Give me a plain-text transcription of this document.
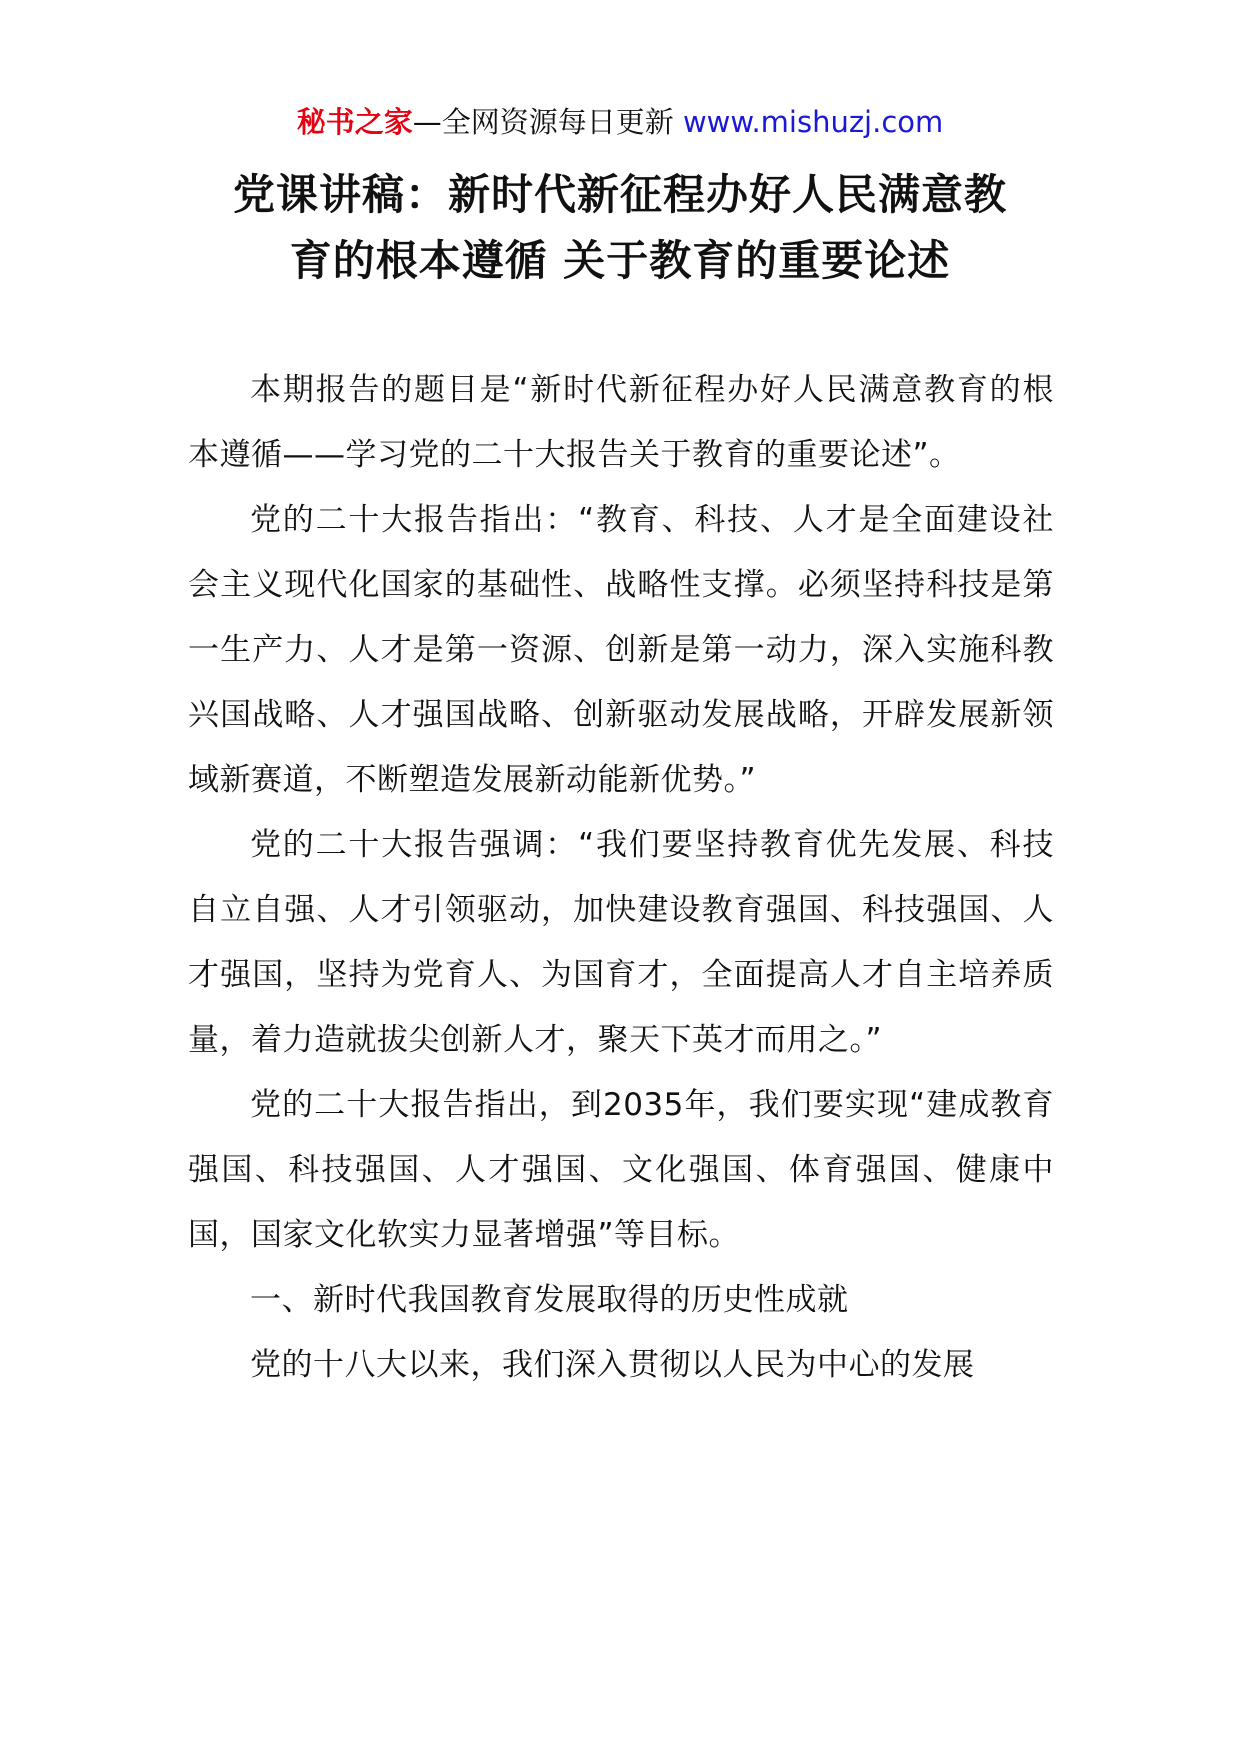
秘书之家—全网资源每日更新 www.mishuzj.com
党课讲稿：新时代新征程办好人民满意教
育的根本遵循 关于教育的重要论述

本期报告的题目是“新时代新征程办好人民满意教育的根本遵循——学习党的二十大报告关于教育的重要论述”。

党的二十大报告指出：“教育、科技、人才是全面建设社会主义现代化国家的基础性、战略性支撑。必须坚持科技是第一生产力、人才是第一资源、创新是第一动力，深入实施科教兴国战略、人才强国战略、创新驱动发展战略，开辟发展新领域新赛道，不断塑造发展新动能新优势。”

党的二十大报告强调：“我们要坚持教育优先发展、科技自立自强、人才引领驱动，加快建设教育强国、科技强国、人才强国，坚持为党育人、为国育才，全面提高人才自主培养质量，着力造就拔尖创新人才，聚天下英才而用之。”

党的二十大报告指出，到2035年，我们要实现“建成教育强国、科技强国、人才强国、文化强国、体育强国、健康中国，国家文化软实力显著增强”等目标。

一、新时代我国教育发展取得的历史性成就

党的十八大以来，我们深入贯彻以人民为中心的发展
